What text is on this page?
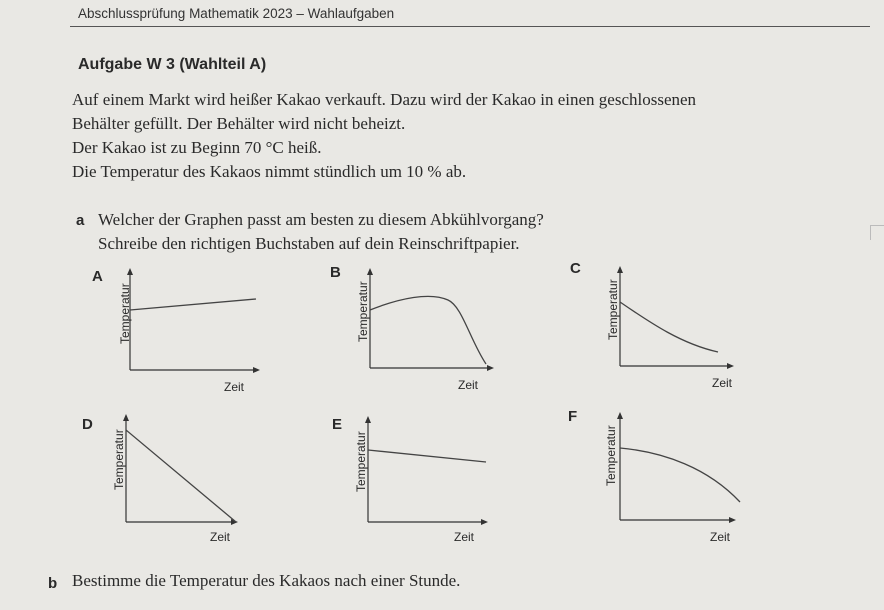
Abschlussprüfung Mathematik 2023 – Wahlaufgaben
Aufgabe W 3 (Wahlteil A)

Auf einem Markt wird heißer Kakao verkauft. Dazu wird der Kakao in einen geschlossenen

Behälter gefüllt. Der Behälter wird nicht beheizt.

Der Kakao ist zu Beginn 70 °C heiß.

Die Temperatur des Kakaos nimmt stündlich um 10 % ab.

a Welcher der Graphen passt am besten zu diesem Abkühlvorgang?

Schreibe den richtigen Buchstaben auf dein Reinschriftpapier.

A
Temperatur
Zeit
B
Temperatur
Zeit
C
Temperatur
Zeit
D
Temperatur
Zeit
E
Temperatur
Zeit
F
Temperatur
Zeit
b Bestimme die Temperatur des Kakaos nach einer Stunde.
